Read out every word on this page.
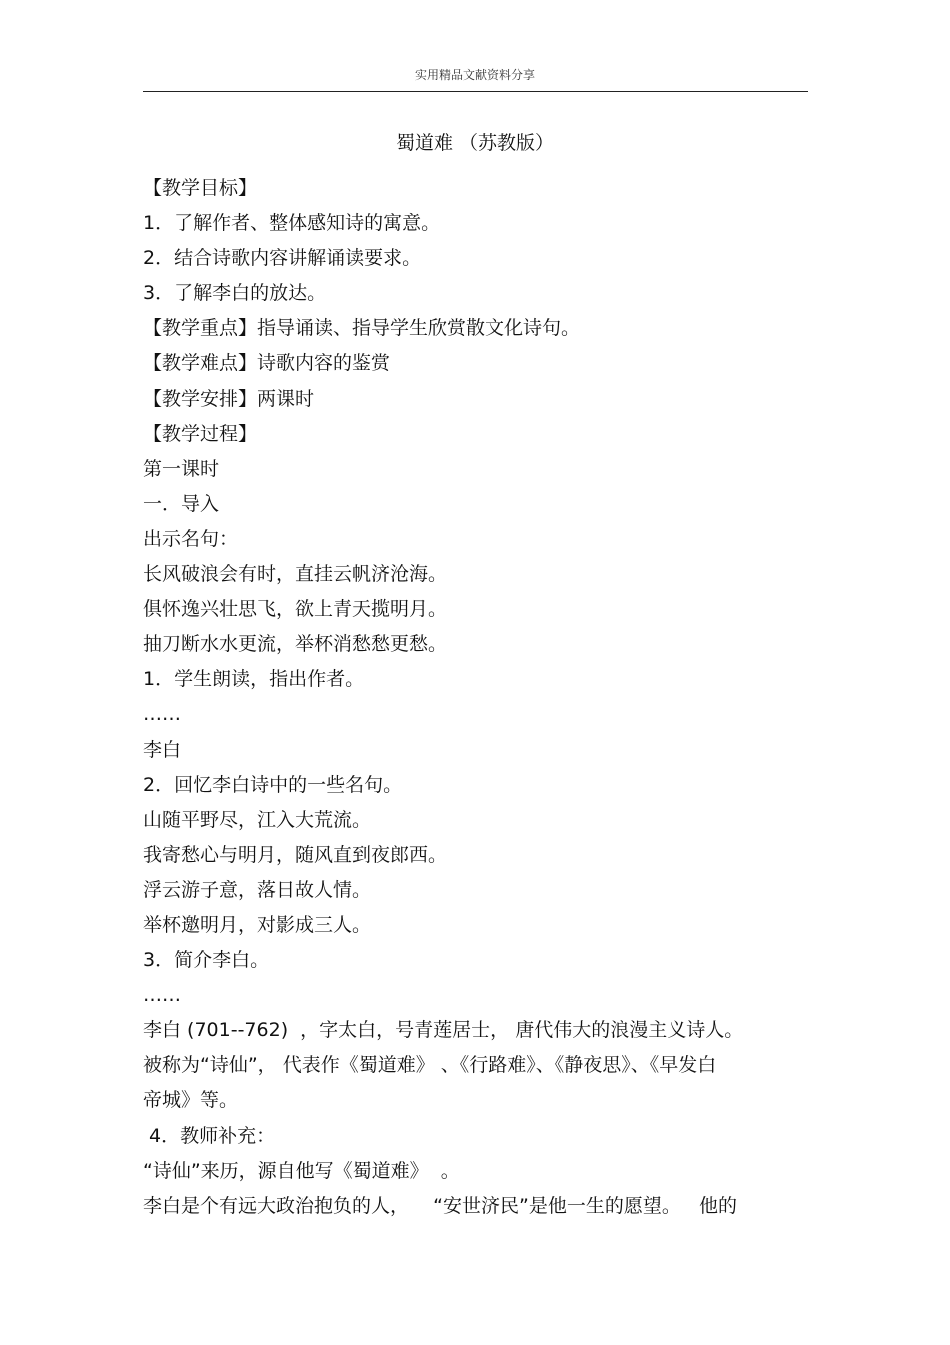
实用精品文献资料分享
蜀道难 （苏教版）
【教学目标】
1．了解作者、整体感知诗的寓意。
2．结合诗歌内容讲解诵读要求。
3．了解李白的放达。
【教学重点】指导诵读、指导学生欣赏散文化诗句。
【教学难点】诗歌内容的鉴赏
【教学安排】两课时
【教学过程】
第一课时
一．导入
出示名句：
长风破浪会有时，直挂云帆济沧海。
俱怀逸兴壮思飞，欲上青天揽明月。
抽刀断水水更流，举杯消愁愁更愁。
1．学生朗读，指出作者。
……
李白
2．回忆李白诗中的一些名句。
山随平野尽，江入大荒流。
我寄愁心与明月，随风直到夜郎西。
浮云游子意，落日故人情。
举杯邀明月，对影成三人。
3．简介李白。
……
李白 (701--762)  ，字太白，号青莲居士， 唐代伟大的浪漫主义诗人。
被称为“诗仙”， 代表作《蜀道难》 、《行路难》、《静夜思》、《早发白
帝城》等。
4．教师补充：
“诗仙”来历，源自他写《蜀道难》  。
李白是个有远大政治抱负的人，    “安世济民”是他一生的愿望。   他的
